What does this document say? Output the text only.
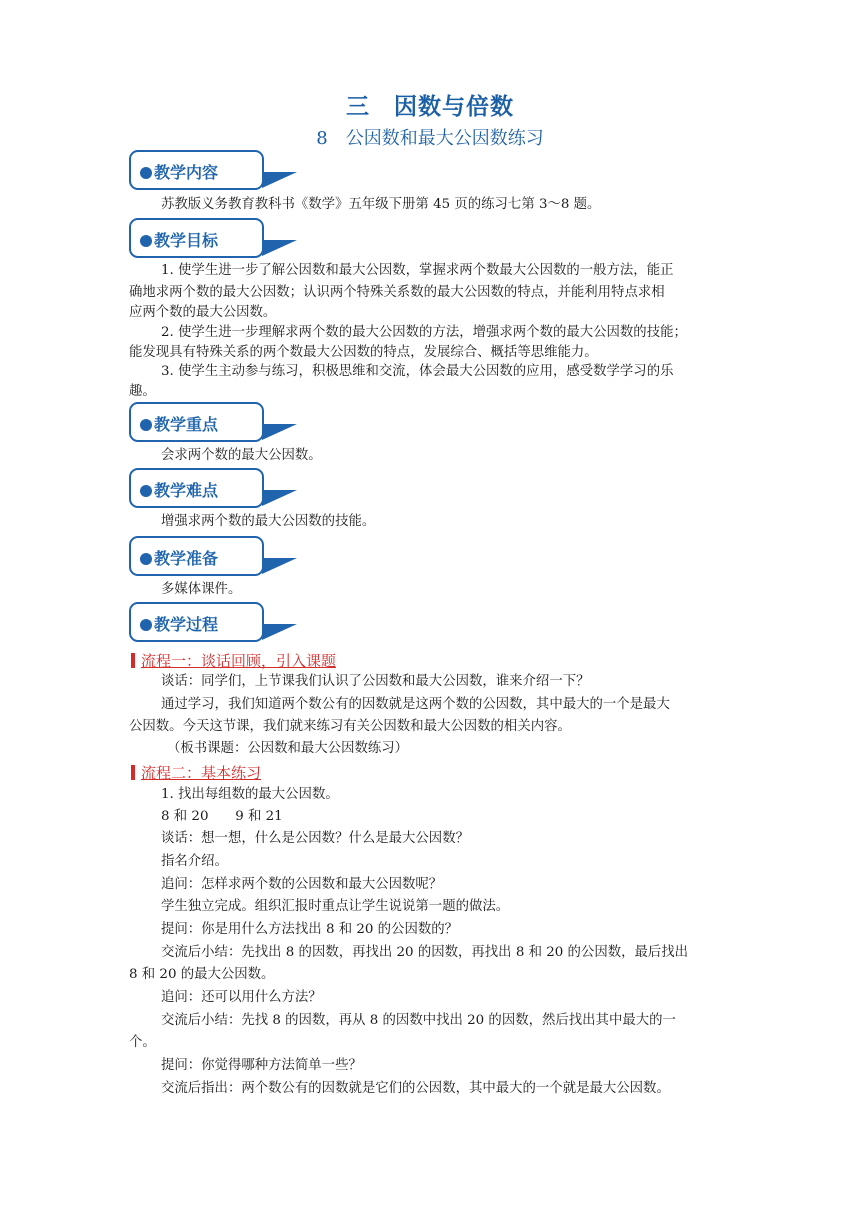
三　因数与倍数
8　公因数和最大公因数练习
教学内容
苏教版义务教育教科书《数学》五年级下册第 45 页的练习七第 3～8 题。
教学目标
1. 使学生进一步了解公因数和最大公因数，掌握求两个数最大公因数的一般方法，能正
确地求两个数的最大公因数；认识两个特殊关系数的最大公因数的特点，并能利用特点求相
应两个数的最大公因数。
2. 使学生进一步理解求两个数的最大公因数的方法，增强求两个数的最大公因数的技能；
能发现具有特殊关系的两个数最大公因数的特点，发展综合、概括等思维能力。
3. 使学生主动参与练习，积极思维和交流，体会最大公因数的应用，感受数学学习的乐
趣。
教学重点
会求两个数的最大公因数。
教学难点
增强求两个数的最大公因数的技能。
教学准备
多媒体课件。
教学过程
流程一：谈话回顾，引入课题
谈话：同学们，上节课我们认识了公因数和最大公因数，谁来介绍一下？
通过学习，我们知道两个数公有的因数就是这两个数的公因数，其中最大的一个是最大
公因数。今天这节课，我们就来练习有关公因数和最大公因数的相关内容。
（板书课题：公因数和最大公因数练习）
流程二：基本练习
1. 找出每组数的最大公因数。
8 和 20　　9 和 21
谈话：想一想，什么是公因数？什么是最大公因数？
指名介绍。
追问：怎样求两个数的公因数和最大公因数呢？
学生独立完成。组织汇报时重点让学生说说第一题的做法。
提问：你是用什么方法找出 8 和 20 的公因数的？
交流后小结：先找出 8 的因数，再找出 20 的因数，再找出 8 和 20 的公因数，最后找出
8 和 20 的最大公因数。
追问：还可以用什么方法？
交流后小结：先找 8 的因数，再从 8 的因数中找出 20 的因数，然后找出其中最大的一
个。
提问：你觉得哪种方法简单一些？
交流后指出：两个数公有的因数就是它们的公因数，其中最大的一个就是最大公因数。
